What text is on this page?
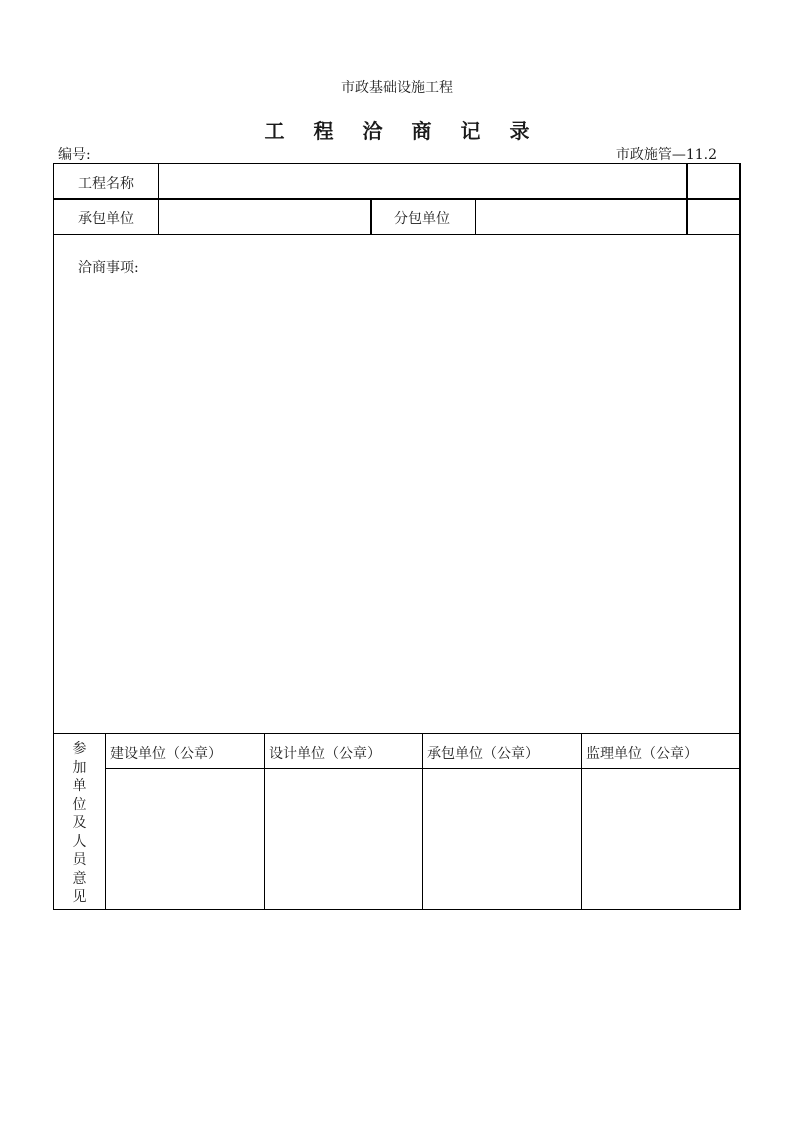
市政基础设施工程
工程洽商记录
编号:	市政施管—11.2
工程名称
承包单位	分包单位
洽商事项:
参
加
单
位
及
人
员
意
见
建设单位（公章）	设计单位（公章）	承包单位（公章）	监理单位（公章）
